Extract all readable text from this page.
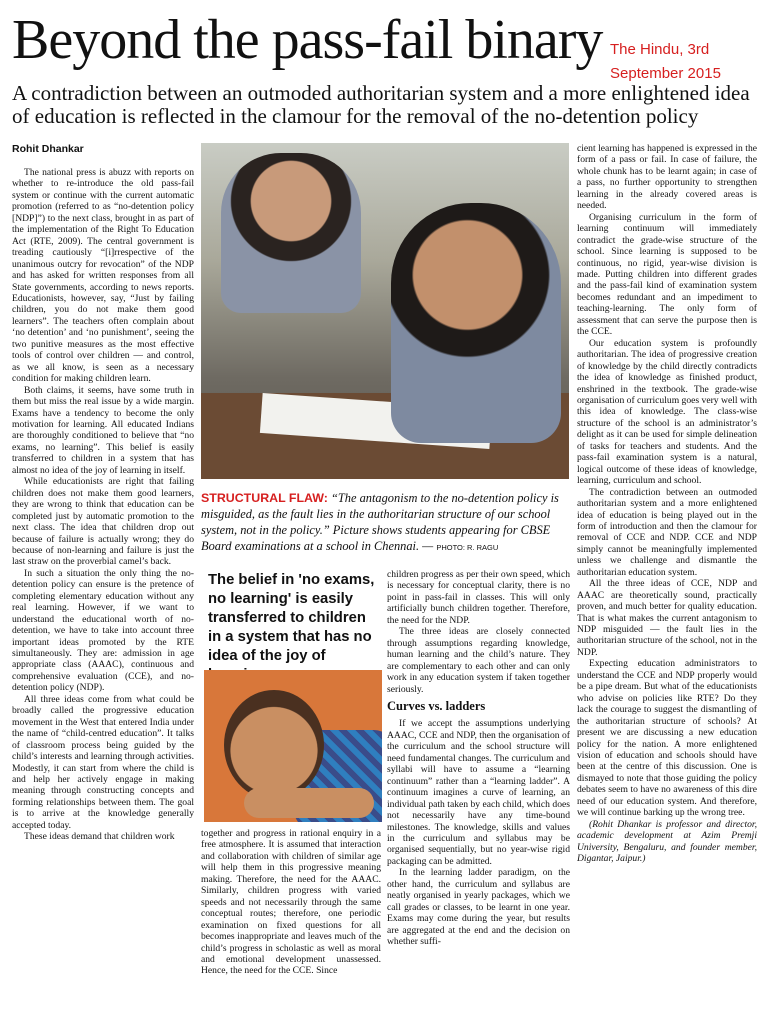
Beyond the pass-fail binary The Hindu, 3rd
September 2015
A contradiction between an outmoded authoritarian system and a more enlightened idea of education is reflected in the clamour for the removal of the no-detention policy
Rohit Dhankar

The national press is abuzz with reports on whether to re-introduce the old pass-fail system or continue with the current automatic promotion (referred to as “no-detention policy [NDP]”) to the next class, brought in as part of the implementation of the Right To Education Act (RTE, 2009). The central government is treading cautiously “[i]rrespective of the unanimous outcry for revocation” of the NDP and has asked for written responses from all State governments, according to news reports. Educationists, however, say, “Just by failing children, you do not make them good learners”. The teachers often complain about ‘no detention’ and ‘no punishment’, seeing the two punitive measures as the most effective tools of control over children — and control, as we all know, is seen as a necessary condition for making children learn.

Both claims, it seems, have some truth in them but miss the real issue by a wide margin. Exams have a tendency to become the only motivation for learning. All educated Indians are thoroughly conditioned to believe that “no exams, no learning”. This belief is easily transferred to children in a system that has almost no idea of the joy of learning in itself.

While educationists are right that failing children does not make them good learners, they are wrong to think that education can be completed just by automatic promotion to the next class. The idea that children drop out because of failure is actually wrong; they do because of non-learning and failure is just the last straw on the proverbial camel’s back.

In such a situation the only thing the no-detention policy can ensure is the pretence of completing elementary education without any real learning. However, if we want to understand the educational worth of no-detention, we have to take into account three important ideas promoted by the RTE simultaneously. They are: admission in age appropriate class (AAAC), continuous and comprehensive evaluation (CCE), and no-detention policy (NDP).

All three ideas come from what could be broadly called the progressive education movement in the West that entered India under the name of “child-centred education”. It talks of classroom process being guided by the child’s interests and learning through activities. Modestly, it can start from where the child is and help her actively engage in making meaning through constructing concepts and forming relationships between them. The goal is to arrive at the knowledge generally accepted today.

These ideas demand that children work

STRUCTURAL FLAW: “The antagonism to the no-detention policy is misguided, as the fault lies in the authoritarian structure of our school system, not in the policy.” Picture shows students appearing for CBSE Board examinations at a school in Chennai. — PHOTO: R. RAGU
The belief in 'no exams, no learning' is easily transferred to children in a system that has no idea of the joy of

together and progress in rational enquiry in a free atmosphere. It is assumed that interaction and collaboration with children of similar age will help them in this progressive meaning making. Therefore, the need for the AAAC. Similarly, children progress with varied speeds and not necessarily through the same conceptual routes; therefore, one periodic examination on fixed questions for all becomes inappropriate and leaves much of the child’s progress in scholastic as well as moral and emotional development unassessed. Hence, the need for the CCE. Since

children progress as per their own speed, which is necessary for conceptual clarity, there is no point in pass-fail in classes. This will only artificially bunch children together. Therefore, the need for the NDP.

The three ideas are closely connected through assumptions regarding knowledge, human learning and the child’s nature. They are complementary to each other and can only work in any education system if taken together seriously.

Curves vs. ladders

If we accept the assumptions underlying AAAC, CCE and NDP, then the organisation of the curriculum and the school structure will need fundamental changes. The curriculum and syllabi will have to assume a “learning continuum” rather than a “learning ladder”. A continuum imagines a curve of learning, an individual path taken by each child, which does not necessarily have any time-bound milestones. The knowledge, skills and values in the curriculum and syllabus may be organised sequentially, but no year-wise rigid packaging can be admitted.

In the learning ladder paradigm, on the other hand, the curriculum and syllabus are neatly organised in yearly packages, which we call grades or classes, to be learnt in one year. Exams may come during the year, but results are aggregated at the end and the decision on whether suffi-

cient learning has happened is expressed in the form of a pass or fail. In case of failure, the whole chunk has to be learnt again; in case of a pass, no further opportunity to strengthen learning in the already covered areas is needed.

Organising curriculum in the form of learning continuum will immediately contradict the grade-wise structure of the school. Since learning is supposed to be continuous, no rigid, year-wise division is made. Putting children into different grades and the pass-fail kind of examination system becomes redundant and an impediment to teaching-learning. The only form of assessment that can serve the purpose then is the CCE.

Our education system is profoundly authoritarian. The idea of progressive creation of knowledge by the child directly contradicts the idea of knowledge as finished product, enshrined in the textbook. The grade-wise organisation of curriculum goes very well with this idea of knowledge. The class-wise structure of the school is an administrator’s delight as it can be used for simple delineation of tasks for teachers and students. And the pass-fail examination system is a natural, logical outcome of these ideas of knowledge, learning, curriculum and school.

The contradiction between an outmoded authoritarian system and a more enlightened idea of education is being played out in the form of introduction and then the clamour for removal of CCE and NDP. CCE and NDP simply cannot be meaningfully implemented unless we challenge and dismantle the authoritarian education system.

All the three ideas of CCE, NDP and AAAC are theoretically sound, practically proven, and much better for quality education. That is what makes the current antagonism to NDP misguided — the fault lies in the authoritarian structure of the school, not in the NDP.

Expecting education administrators to understand the CCE and NDP properly would be a pipe dream. But what of the educationists who advise on policies like RTE? Do they lack the courage to suggest the dismantling of the authoritarian structure of schools? At present we are discussing a new education policy for the nation. A more enlightened vision of education and schools should have been at the centre of this discussion. One is dismayed to note that those guiding the policy debates seem to have no awareness of this dire need of our education system. And therefore, we will continue barking up the wrong tree.

(Rohit Dhankar is professor and director, academic development at Azim Premji University, Bengaluru, and founder member, Digantar, Jaipur.)
